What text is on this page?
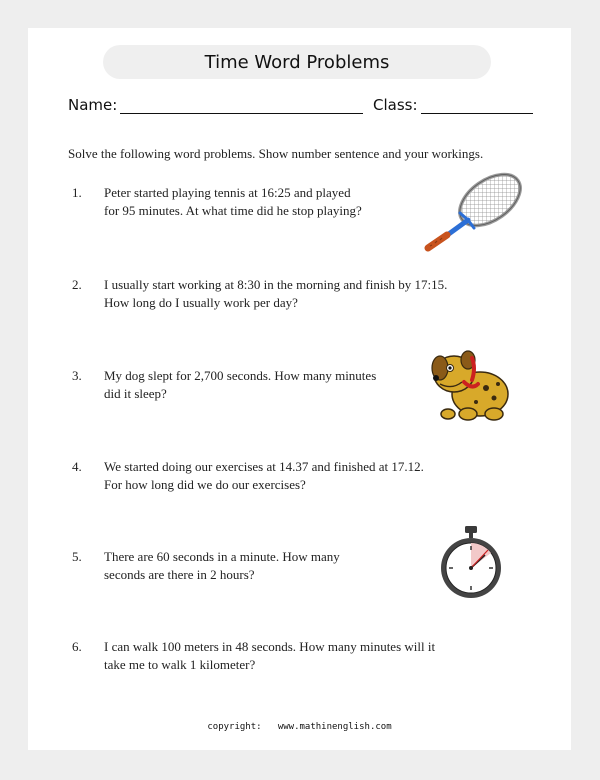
Time Word Problems
Name:	Class:
Solve the following word problems. Show number sentence and your workings.
1. Peter started playing tennis at 16:25 and played
for 95 minutes. At what time did he stop playing?
2. I usually start working at 8:30 in the morning and finish by 17:15.
How long do I usually work per day?
3. My dog slept for 2,700 seconds. How many minutes
did it sleep?
4. We started doing our exercises at 14.37 and finished at 17.12.
For how long did we do our exercises?
5. There are 60 seconds in a minute. How many
seconds are there in 2 hours?
6. I can walk 100 meters in 48 seconds. How many minutes will it
take me to walk 1 kilometer?
copyright: www.mathinenglish.com
